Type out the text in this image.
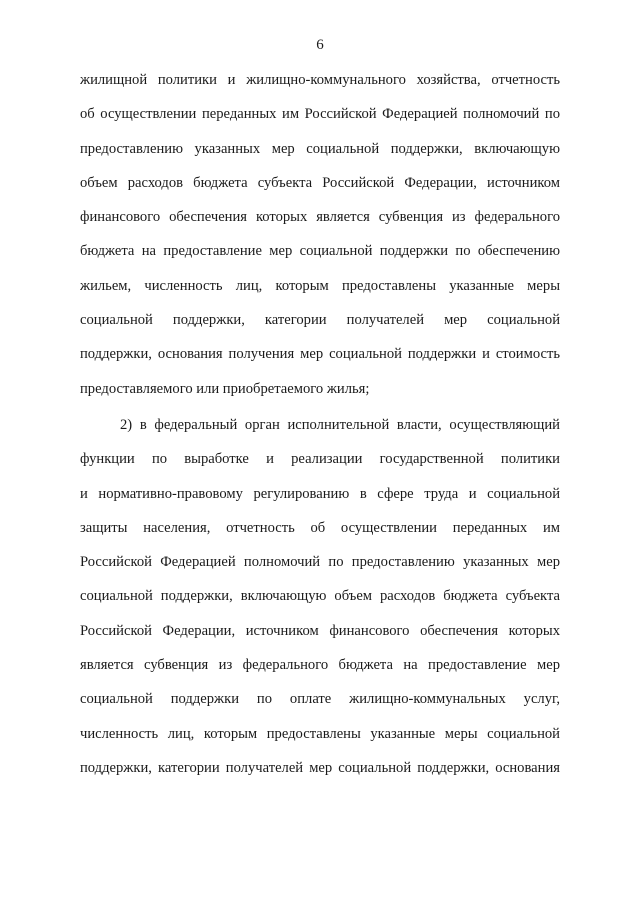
6
жилищной политики и жилищно-коммунального хозяйства, отчетность
об осуществлении переданных им Российской Федерацией полномочий по
предоставлению указанных мер социальной поддержки, включающую
объем расходов бюджета субъекта Российской Федерации, источником
финансового обеспечения которых является субвенция из федерального
бюджета на предоставление мер социальной поддержки по обеспечению
жильем, численность лиц, которым предоставлены указанные меры
социальной поддержки, категории получателей мер социальной
поддержки, основания получения мер социальной поддержки и стоимость
предоставляемого или приобретаемого жилья;
2) в федеральный орган исполнительной власти, осуществляющий
функции по выработке и реализации государственной политики
и нормативно-правовому регулированию в сфере труда и социальной
защиты населения, отчетность об осуществлении переданных им
Российской Федерацией полномочий по предоставлению указанных мер
социальной поддержки, включающую объем расходов бюджета субъекта
Российской Федерации, источником финансового обеспечения которых
является субвенция из федерального бюджета на предоставление мер
социальной поддержки по оплате жилищно-коммунальных услуг,
численность лиц, которым предоставлены указанные меры социальной
поддержки, категории получателей мер социальной поддержки, основания
